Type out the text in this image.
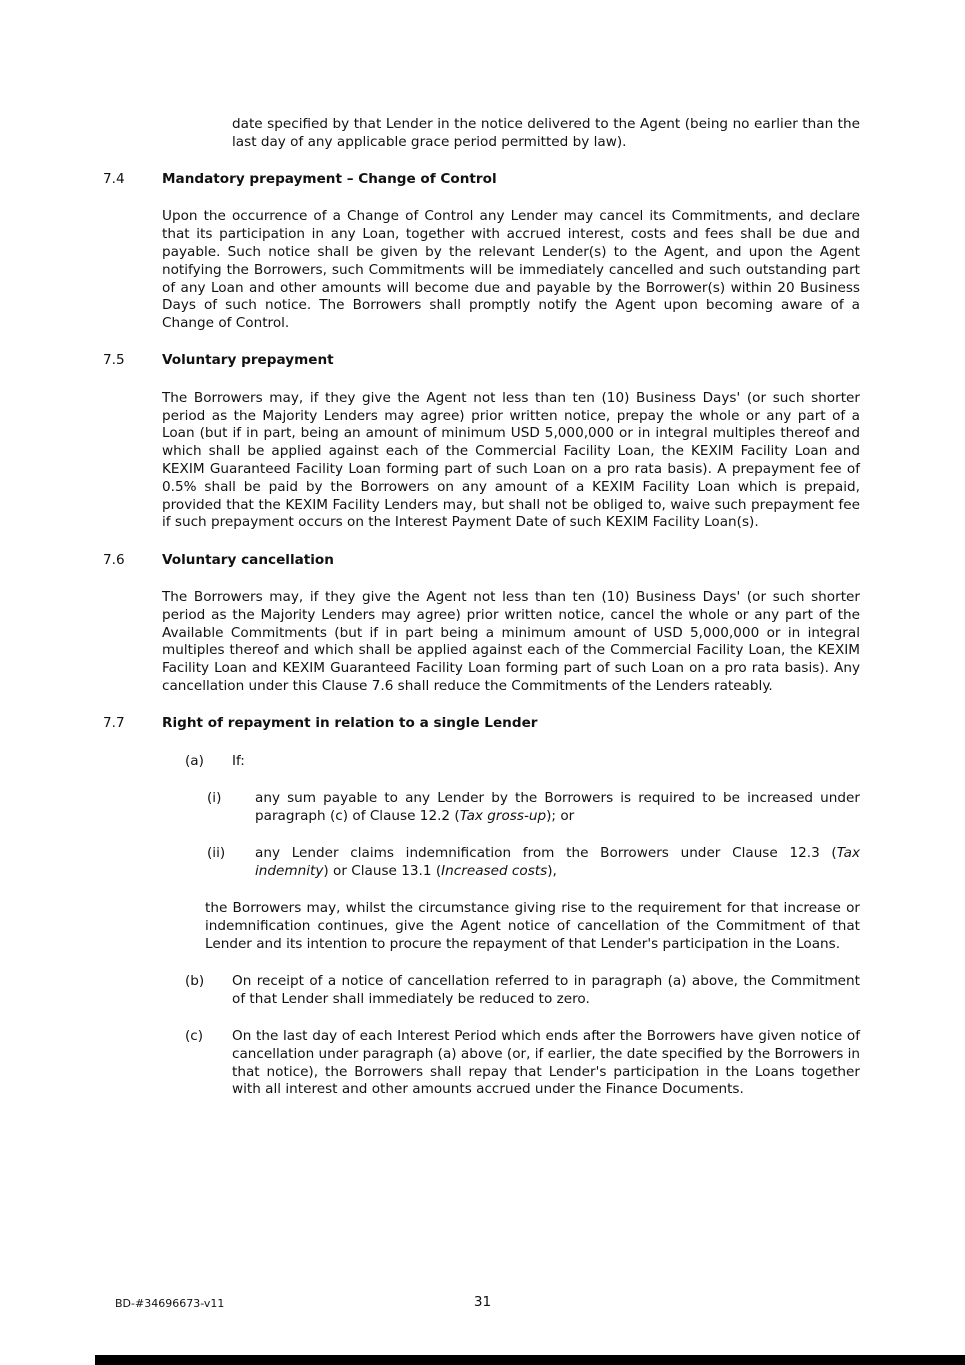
date specified by that Lender in the notice delivered to the Agent (being no earlier than the last day of any applicable grace period permitted by law).

7.4	Mandatory prepayment – Change of Control

Upon the occurrence of a Change of Control any Lender may cancel its Commitments, and declare that its participation in any Loan, together with accrued interest, costs and fees shall be due and payable. Such notice shall be given by the relevant Lender(s) to the Agent, and upon the Agent notifying the Borrowers, such Commitments will be immediately cancelled and such outstanding part of any Loan and other amounts will become due and payable by the Borrower(s) within 20 Business Days of such notice. The Borrowers shall promptly notify the Agent upon becoming aware of a Change of Control.

7.5	Voluntary prepayment

The Borrowers may, if they give the Agent not less than ten (10) Business Days' (or such shorter period as the Majority Lenders may agree) prior written notice, prepay the whole or any part of a Loan (but if in part, being an amount of minimum USD 5,000,000 or in integral multiples thereof and which shall be applied against each of the Commercial Facility Loan, the KEXIM Facility Loan and KEXIM Guaranteed Facility Loan forming part of such Loan on a pro rata basis). A prepayment fee of 0.5% shall be paid by the Borrowers on any amount of a KEXIM Facility Loan which is prepaid, provided that the KEXIM Facility Lenders may, but shall not be obliged to, waive such prepayment fee if such prepayment occurs on the Interest Payment Date of such KEXIM Facility Loan(s).

7.6	Voluntary cancellation

The Borrowers may, if they give the Agent not less than ten (10) Business Days' (or such shorter period as the Majority Lenders may agree) prior written notice, cancel the whole or any part of the Available Commitments (but if in part being a minimum amount of USD 5,000,000 or in integral multiples thereof and which shall be applied against each of the Commercial Facility Loan, the KEXIM Facility Loan and KEXIM Guaranteed Facility Loan forming part of such Loan on a pro rata basis). Any cancellation under this Clause 7.6 shall reduce the Commitments of the Lenders rateably.

7.7	Right of repayment in relation to a single Lender
(a)	If:
(i)	any sum payable to any Lender by the Borrowers is required to be increased under paragraph (c) of Clause 12.2 (Tax gross-up); or
(ii)	any Lender claims indemnification from the Borrowers under Clause 12.3 (Tax indemnity) or Clause 13.1 (Increased costs),

the Borrowers may, whilst the circumstance giving rise to the requirement for that increase or indemnification continues, give the Agent notice of cancellation of the Commitment of that Lender and its intention to procure the repayment of that Lender's participation in the Loans.

(b)	On receipt of a notice of cancellation referred to in paragraph (a) above, the Commitment of that Lender shall immediately be reduced to zero.
(c)	On the last day of each Interest Period which ends after the Borrowers have given notice of cancellation under paragraph (a) above (or, if earlier, the date specified by the Borrowers in that notice), the Borrowers shall repay that Lender's participation in the Loans together with all interest and other amounts accrued under the Finance Documents.
BD-#34696673-v11	31
